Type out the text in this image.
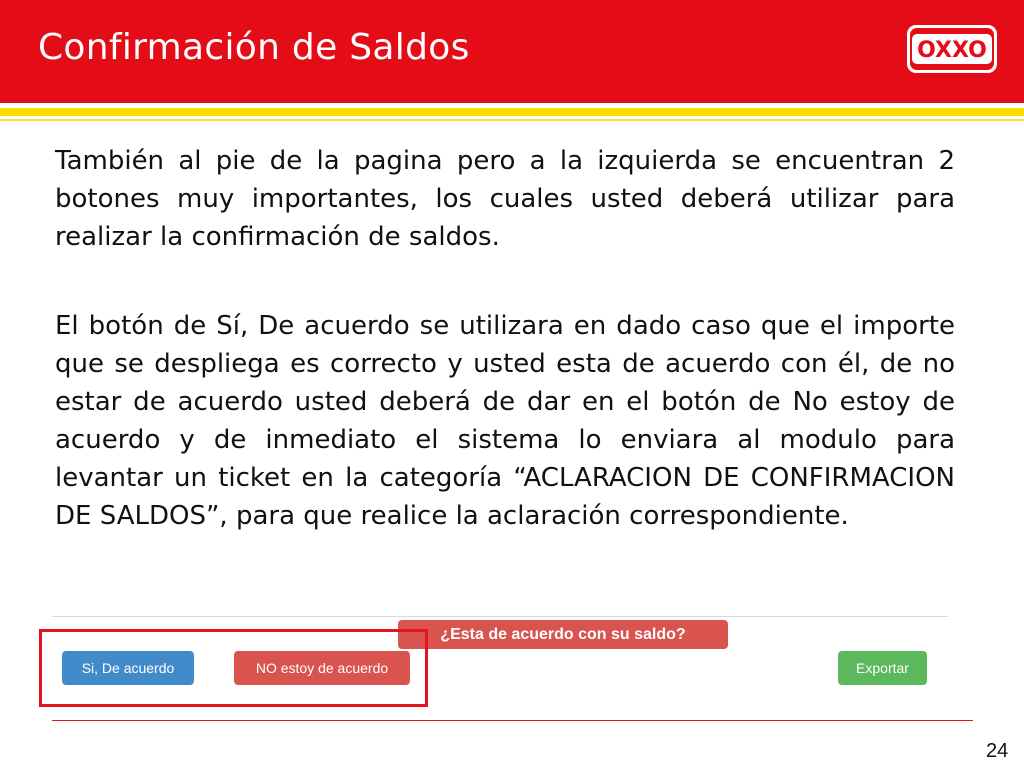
Confirmación de Saldos	OXXO
También al pie de la pagina pero a la izquierda se encuentran 2 botones muy importantes, los cuales usted deberá utilizar para realizar la confirmación de saldos.
El botón de Sí, De acuerdo se utilizara en dado caso que el importe que se despliega es correcto y usted esta de acuerdo con él, de no estar de acuerdo usted deberá de dar en el botón de No estoy de acuerdo y de inmediato el sistema lo enviara al modulo para levantar un ticket en la categoría “ACLARACION DE CONFIRMACION DE SALDOS”, para que realice la aclaración correspondiente.
¿Esta de acuerdo con su saldo?
Si, De acuerdo	NO estoy de acuerdo	Exportar
24
